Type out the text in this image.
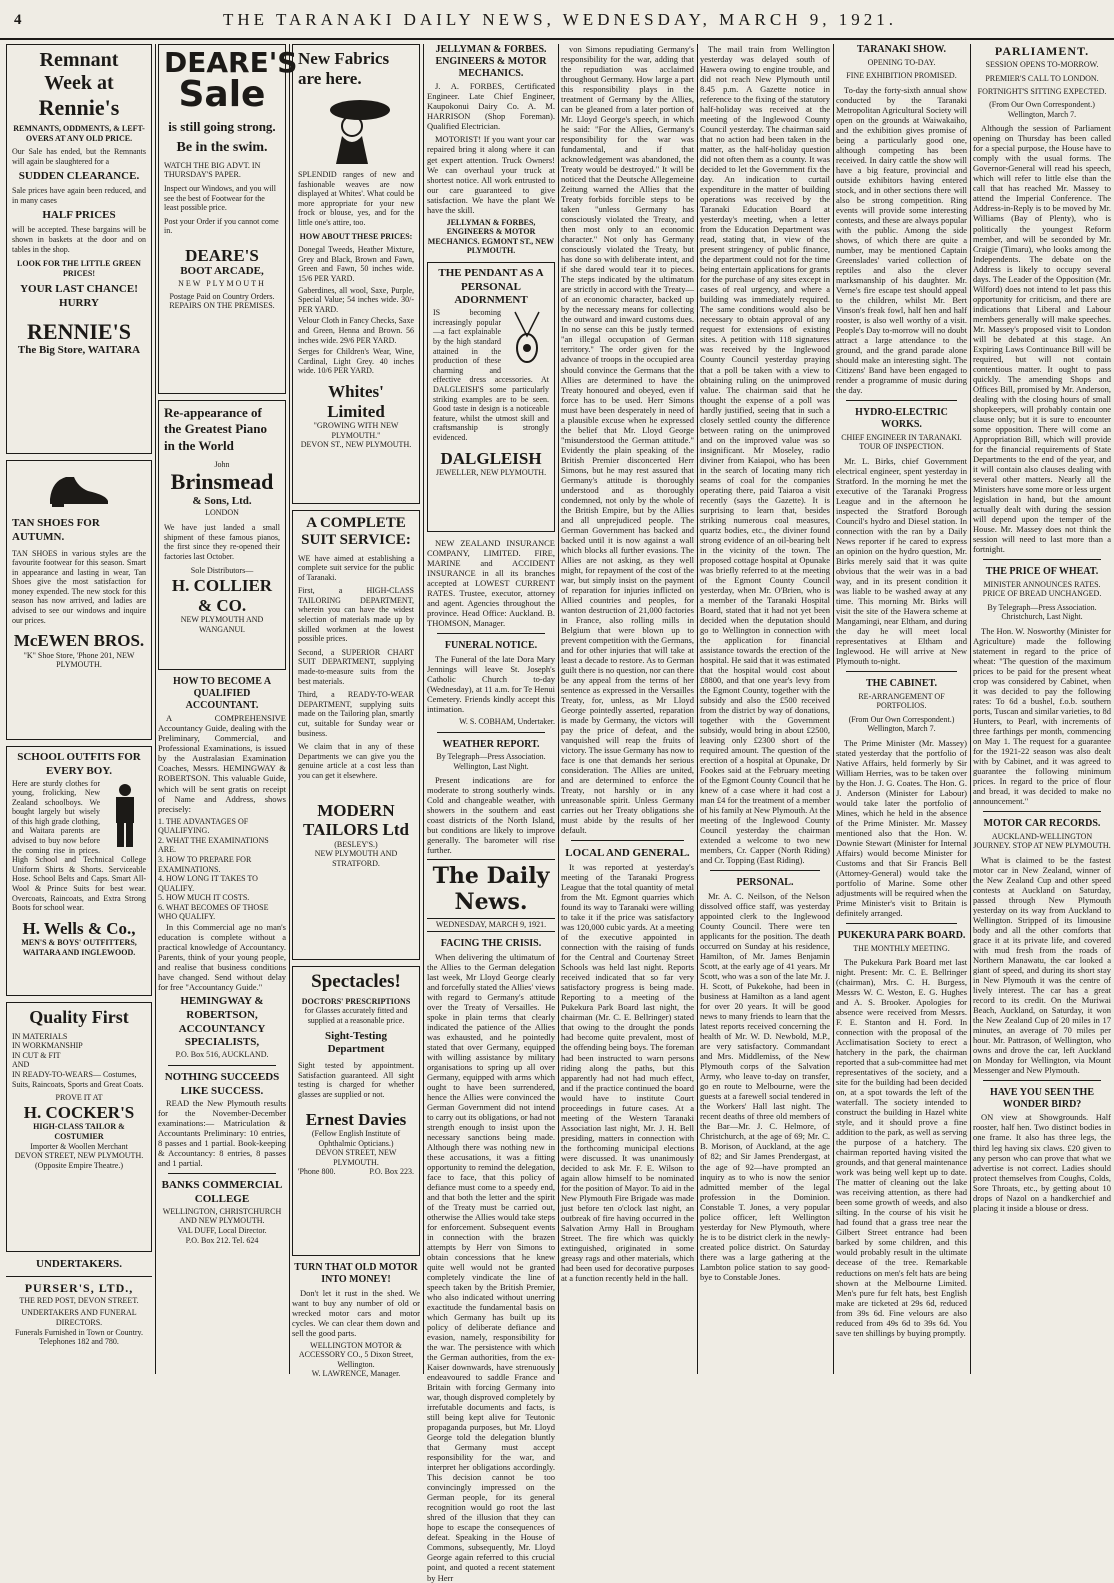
4	THE TARANAKI DAILY NEWS, WEDNESDAY, MARCH 9, 1921.
Remnant
Week at
Rennie's
REMNANTS, ODDMENTS, & LEFT-OVERS AT ANY OLD PRICE.
Our Sale has ended, but the Remnants will again be slaughtered for a
SUDDEN CLEARANCE.
Sale prices have again been reduced, and in many cases
HALF PRICES
will be accepted. These bargains will be shown in baskets at the door and on tables in the shop.
LOOK FOR THE LITTLE GREEN PRICES!
YOUR LAST CHANCE! HURRY
RENNIE'S
The Big Store, WAITARA
TAN SHOES FOR AUTUMN.
TAN SHOES in various styles are the favourite footwear for this season. Smart in appearance and lasting in wear, Tan Shoes give the most satisfaction for money expended. The new stock for this season has now arrived, and ladies are advised to see our windows and inquire our prices.
McEWEN BROS.
"K" Shoe Store, 'Phone 201, NEW PLYMOUTH.
SCHOOL OUTFITS FOR EVERY BOY.
Here are sturdy clothes for young, frolicking, New Zealand schoolboys. We bought largely but wisely of this high grade clothing, and Waitara parents are advised to buy now before the coming rise in prices. High School and Technical College Uniform Shirts & Shorts. Serviceable Hose. School Belts and Caps. Smart All-Wool & Prince Suits for best wear. Overcoats, Raincoats, and Extra Strong Boots for school wear.
H. Wells & Co.,
MEN'S & BOYS' OUTFITTERS, WAITARA AND INGLEWOOD.
Quality First
IN MATERIALS
IN WORKMANSHIP
IN CUT & FIT
AND
IN READY-TO-WEARS— Costumes, Suits, Raincoats, Sports and Great Coats.
PROVE IT AT
H. COCKER'S
HIGH-CLASS TAILOR & COSTUMIER
Importer & Woollen Merchant
DEVON STREET, NEW PLYMOUTH. (Opposite Empire Theatre.)
UNDERTAKERS.
PURSER'S, LTD.,
THE RED POST, DEVON STREET.
UNDERTAKERS AND FUNERAL DIRECTORS.
Funerals Furnished in Town or Country. Telephones 182 and 780.
DEARE'S
Sale
is still going strong.
Be in the swim.
WATCH THE BIG ADVT. IN THURSDAY'S PAPER.
Inspect our Windows, and you will see the best of Footwear for the least possible price.
Post your Order if you cannot come in.
DEARE'S
BOOT ARCADE,
NEW PLYMOUTH
Postage Paid on Country Orders. REPAIRS ON THE PREMISES.
Re-appearance of the Greatest Piano in the World
John
Brinsmead
& Sons, Ltd.
LONDON
We have just landed a small shipment of these famous pianos, the first since they re-opened their factories last October.
Sole Distributors—
H. COLLIER & CO.
NEW PLYMOUTH AND WANGANUI.
HOW TO BECOME A QUALIFIED ACCOUNTANT.

A COMPREHENSIVE Accountancy Guide, dealing with the Preliminary, Commercial, and Professional Examinations, is issued by the Australasian Examination Coaches, Messrs. HEMINGWAY & ROBERTSON. This valuable Guide, which will be sent gratis on receipt of Name and Address, shows precisely:

1. THE ADVANTAGES OF QUALIFYING.
2. WHAT THE EXAMINATIONS ARE.
3. HOW TO PREPARE FOR EXAMINATIONS.
4. HOW LONG IT TAKES TO QUALIFY.
5. HOW MUCH IT COSTS.
6. WHAT BECOMES OF THOSE WHO QUALIFY.

In this Commercial age no man's education is complete without a practical knowledge of Accountancy. Parents, think of your young people, and realise that business conditions have changed. Send without delay for free "Accountancy Guide."

HEMINGWAY & ROBERTSON, ACCOUNTANCY SPECIALISTS,
P.O. Box 516, AUCKLAND.
NOTHING SUCCEEDS LIKE SUCCESS.

READ the New Plymouth results for the November-December examinations:— Matriculation & Accountants Preliminary: 10 entries, 8 passes and 1 partial. Book-keeping & Accountancy: 8 entries, 8 passes and 1 partial.

BANKS COMMERCIAL COLLEGE
WELLINGTON, CHRISTCHURCH AND NEW PLYMOUTH.
VAL DUFF, Local Director.
P.O. Box 212. Tel. 624
New Fabrics are here.
SPLENDID ranges of new and fashionable weaves are now displayed at Whites'. What could be more appropriate for your new frock or blouse, yes, and for the little one's attire, too.
HOW ABOUT THESE PRICES:
Donegal Tweeds, Heather Mixture, Grey and Black, Brown and Fawn, Green and Fawn, 50 inches wide. 15/6 PER YARD.
Gaberdines, all wool, Saxe, Purple, Special Value; 54 inches wide. 30/- PER YARD.
Velour Cloth in Fancy Checks, Saxe and Green, Henna and Brown. 56 inches wide. 29/6 PER YARD.
Serges for Children's Wear, Wine, Cardinal, Light Grey. 40 inches wide. 10/6 PER YARD.
Whites' Limited
"GROWING WITH NEW PLYMOUTH."
DEVON ST., NEW PLYMOUTH.
A COMPLETE SUIT SERVICE:
WE have aimed at establishing a complete suit service for the public of Taranaki.
First, a HIGH-CLASS TAILORING DEPARTMENT, wherein you can have the widest selection of materials made up by skilled workmen at the lowest possible prices.
Second, a SUPERIOR CHART SUIT DEPARTMENT, supplying made-to-measure suits from the best materials.
Third, a READY-TO-WEAR DEPARTMENT, supplying suits made on the Tailoring plan, smartly cut, suitable for Sunday wear or business.
We claim that in any of these Departments we can give you the genuine article at a cost less than you can get it elsewhere.
MODERN TAILORS Ltd
(BESLEY'S.)
NEW PLYMOUTH AND STRATFORD.
Spectacles!
DOCTORS' PRESCRIPTIONS
for Glasses accurately fitted and supplied at a reasonable price.
Sight-Testing Department
Sight tested by appointment. Satisfaction guaranteed. All sight testing is charged for whether glasses are supplied or not.
Ernest Davies
(Fellow English Institute of Ophthalmic Opticians.)
DEVON STREET, NEW PLYMOUTH.
'Phone 800.	P.O. Box 223.
TURN THAT OLD MOTOR INTO MONEY!

Don't let it rust in the shed. We want to buy any number of old or wrecked motor cars and motor cycles. We can clear them down and sell the good parts.

WELLINGTON MOTOR & ACCESSORY CO., 5 Dixon Street, Wellington.
W. LAWRENCE, Manager.
JELLYMAN & FORBES. ENGINEERS & MOTOR MECHANICS.

J. A. FORBES, Certificated Engineer. Late Chief Engineer, Kaupokonui Dairy Co. A. M. HARRISON (Shop Foreman). Qualified Electrician.

MOTORIST! If you want your car repaired bring it along where it can get expert attention. Truck Owners! We can overhaul your truck at shortest notice. All work entrusted to our care guaranteed to give satisfaction. We have the plant We have the skill.

JELLYMAN & FORBES, ENGINEERS & MOTOR MECHANICS. EGMONT ST., NEW PLYMOUTH.
THE PENDANT AS A PERSONAL ADORNMENT
IS becoming increasingly popular —a fact explainable by the high standard attained in the production of these charming and effective dress accessories. At DALGLEISH'S some particularly striking examples are to be seen. Good taste in design is a noticeable feature, whilst the utmost skill and craftsmanship is strongly evidenced.
DALGLEISH
JEWELLER, NEW PLYMOUTH.

NEW ZEALAND INSURANCE COMPANY, LIMITED. FIRE, MARINE and ACCIDENT INSURANCE in all its branches accepted at LOWEST CURRENT RATES. Trustee, executor, attorney and agent. Agencies throughout the province. Head Office: Auckland. B. THOMSON, Manager.

FUNERAL NOTICE.

The Funeral of the late Dora Mary Jennings will leave St. Joseph's Catholic Church to-day (Wednesday), at 11 a.m. for Te Henui Cemetery. Friends kindly accept this intimation.

W. S. COBHAM, Undertaker.
WEATHER REPORT.
By Telegraph—Press Association. Wellington, Last Night.

Present indications are for moderate to strong southerly winds. Cold and changeable weather, with showers in the southern and east coast districts of the North Island, but conditions are likely to improve generally. The barometer will rise further.

The Daily News.
WEDNESDAY, MARCH 9, 1921.
FACING THE CRISIS.

When delivering the ultimatum of the Allies to the German delegation last week, Mr Lloyd George clearly and forcefully stated the Allies' views with regard to Germany's attitude over the Treaty of Versailles. He spoke in plain terms that clearly indicated the patience of the Allies was exhausted, and he pointedly stated that over Germany, equipped with willing assistance by military organisations to spring up all over Germany, equipped with arms which ought to have been surrendered, hence the Allies were convinced the German Government did not intend to carry out its obligations, or had not strength enough to insist upon the necessary sanctions being made. Although there was nothing new in these accusations, it was a fitting opportunity to remind the delegation, face to face, that this policy of defiance must come to a speedy end, and that both the letter and the spirit of the Treaty must be carried out, otherwise the Allies would take steps for enforcement. Subsequent events in connection with the brazen attempts by Herr von Simons to obtain concessions that he knew quite well would not be granted completely vindicate the line of speech taken by the British Premier, who also indicated without unerring exactitude the fundamental basis on which Germany has built up its policy of deliberate defiance and evasion, namely, responsibility for the war. The persistence with which the German authorities, from the ex-Kaiser downwards, have strenuously endeavoured to saddle France and Britain with forcing Germany into war, though disproved completely by irrefutable documents and facts, is still being kept alive for Teutonic propaganda purposes, but Mr. Lloyd George told the delegation bluntly that Germany must accept responsibility for the war, and interpret her obligations accordingly. This decision cannot be too convincingly impressed on the German people, for its general recognition would go root the last shred of the illusion that they can hope to escape the consequences of defeat. Speaking in the House of Commons, subsequently, Mr. Lloyd George again referred to this crucial point, and quoted a recent statement by Herr

von Simons repudiating Germany's responsibility for the war, adding that the repudiation was acclaimed throughout Germany. How large a part this responsibility plays in the treatment of Germany by the Allies, can be gleaned from a later portion of Mr. Lloyd George's speech, in which he said: "For the Allies, Germany's responsibility for the war was fundamental, and if that acknowledgement was abandoned, the Treaty would be destroyed." It will be noticed that the Deutsche Allegemeine Zeitung warned the Allies that the Treaty forbids forcible steps to be taken "unless Germany has consciously violated the Treaty, and then most only to an economic character." Not only has Germany consciously violated the Treaty, but has done so with deliberate intent, and if she dared would tear it to pieces. The steps indicated by the ultimatum are strictly in accord with the Treaty—of an economic character, backed up by the necessary means for collecting the outward and inward customs dues. In no sense can this be justly termed "an illegal occupation of German territory." The order given for the advance of troops in the occupied area should convince the Germans that the Allies are determined to have the Treaty honoured and obeyed, even if force has to be used. Herr Simons must have been desperately in need of a plausible excuse when he expressed the belief that Mr. Lloyd George "misunderstood the German attitude." Evidently the plain speaking of the British Premier disconcerted Herr Simons, but he may rest assured that Germany's attitude is thoroughly understood and as thoroughly condemned, not only by the whole of the British Empire, but by the Allies and all unprejudiced people. The German Government has backed and backed until it is now against a wall which blocks all further evasions. The Allies are not asking, as they well might, for repayment of the cost of the war, but simply insist on the payment of reparation for injuries inflicted on Allied countries and peoples, for wanton destruction of 21,000 factories in France, also rolling mills in Belgium that were blown up to prevent competition with the Germans, and for other injuries that will take at least a decade to restore. As to German guilt there is no question, nor can there be any appeal from the terms of her sentence as expressed in the Versailles Treaty, for, unless, as Mr Lloyd George pointedly asserted, reparation is made by Germany, the victors will pay the price of defeat, and the vanquished will reap the fruits of victory. The issue Germany has now to face is one that demands her serious consideration. The Allies are united, and are determined to enforce the Treaty, not harshly or in any unreasonable spirit. Unless Germany carries out her Treaty obligations she must abide by the results of her default.

LOCAL AND GENERAL.

It was reported at yesterday's meeting of the Taranaki Progress League that the total quantity of metal from the Mt. Egmont quarries which found its way to Taranaki were willing to take it if the price was satisfactory was 120,000 cubic yards. At a meeting of the executive appointed in connection with the raising of funds for the Central and Courtenay Street Schools was held last night. Reports received indicated that so far very satisfactory progress is being made. Reporting to a meeting of the Pukekura Park Board last night, the chairman (Mr. C. E. Bellringer) stated that owing to the drought the ponds had become quite prevalent, most of the offending being boys. The foreman had been instructed to warn persons riding along the paths, but this apparently had not had much effect, and if the practice continued the board would have to institute Court proceedings in future cases. At a meeting of the Western Taranaki Association last night, Mr. J. H. Bell presiding, matters in connection with the forthcoming municipal elections were discussed. It was unanimously decided to ask Mr. F. E. Wilson to again allow himself to be nominated for the position of Mayor. To aid in the New Plymouth Fire Brigade was made just before ten o'clock last night, an outbreak of fire having occurred in the Salvation Army Hall in Brougham Street. The fire which was quickly extinguished, originated in some greasy rags and other materials, which had been used for decorative purposes at a function recently held in the hall.

The mail train from Wellington yesterday was delayed south of Hawera owing to engine trouble, and did not reach New Plymouth until 8.45 p.m. A Gazette notice in reference to the fixing of the statutory half-holiday was received at the meeting of the Inglewood County Council yesterday. The chairman said that no action had been taken in the matter, as the half-holiday question did not often them as a county. It was decided to let the Government fix the day. An indication to curtail expenditure in the matter of building operations was received by the Taranaki Education Board at yesterday's meeting, when a letter from the Education Department was read, stating that, in view of the present stringency of public finance, the department could not for the time being entertain applications for grants for the purchase of any sites except in cases of real urgency, and where a building was immediately required. The same conditions would also be necessary to obtain approval of any request for extensions of existing sites. A petition with 118 signatures was received by the Inglewood County Council yesterday praying that a poll be taken with a view to obtaining ruling on the unimproved value. The chairman said that he thought the expense of a poll was hardly justified, seeing that in such a closely settled county the difference between rating on the unimproved and on the improved value was so insignificant. Mr Moseley, radio diviner from Kaiapoi, who has been in the search of locating many rich seams of coal for the companies operating there, paid Taiaroa a visit recently (says the Gazette). It is surprising to learn that, besides striking numerous coal measures, quartz bodies, etc., the diviner found strong evidence of an oil-bearing belt in the vicinity of the town. The proposed cottage hospital at Opunake was briefly referred to at the meeting of the Egmont County Council yesterday, when Mr. O'Brien, who is a member of the Taranaki Hospital Board, stated that it had not yet been decided when the deputation should go to Wellington in connection with the application for financial assistance towards the erection of the hospital. He said that it was estimated that the hospital would cost about £8800, and that one year's levy from the Egmont County, together with the subsidy and also the £500 received from the district by way of donations, together with the Government subsidy, would bring in about £2500, leaving only £2300 short of the required amount. The question of the erection of a hospital at Opunake, Dr Fookes said at the February meeting of the Egmont County Council that he knew of a case where it had cost a man £4 for the treatment of a member of his family at New Plymouth. At the meeting of the Inglewood County Council yesterday the chairman extended a welcome to two new members, Cr. Capper (North Riding) and Cr. Topping (East Riding).

PERSONAL.

Mr. A. C. Neilson, of the Nelson dissolved office staff, was yesterday appointed clerk to the Inglewood County Council. There were ten applicants for the position. The death occurred on Sunday at his residence, Hamilton, of Mr. James Benjamin Scott, at the early age of 41 years. Mr Scott, who was a son of the late Mr. J. H. Scott, of Pukekohe, had been in business at Hamilton as a land agent for over 20 years. It will be good news to many friends to learn that the latest reports received concerning the health of Mr. W. D. Newbold, M.P., are very satisfactory. Commandant and Mrs. Middlemiss, of the New Plymouth corps of the Salvation Army, who leave to-day on transfer, go en route to Melbourne, were the guests at a farewell social tendered in the Workers' Hall last night. The recent deaths of three old members of the Bar—Mr. J. C. Helmore, of Christchurch, at the age of 69; Mr. C. B. Morison, of Auckland, at the age of 82; and Sir James Prendergast, at the age of 92—have prompted an inquiry as to who is now the senior admitted member of the legal profession in the Dominion. Constable T. Jones, a very popular police officer, left Wellington yesterday for New Plymouth, where he is to be district clerk in the newly-created police district. On Saturday there was a large gathering at the Lambton police station to say good-bye to Constable Jones.

TARANAKI SHOW.
OPENING TO-DAY.
FINE EXHIBITION PROMISED.

To-day the forty-sixth annual show conducted by the Taranaki Metropolitan Agricultural Society will open on the grounds at Waiwakaiho, and the exhibition gives promise of being a particularly good one, although competing has been received. In dairy cattle the show will have a big feature, provincial and outside exhibitors having entered stock, and in other sections there will also be strong competition. Ring events will provide some interesting contests, and these are always popular with the public. Among the side shows, of which there are quite a number, may be mentioned Captain Greenslades' varied collection of reptiles and also the clever marksmanship of his daughter. Mr. Verne's fire escape test should appeal to the children, whilst Mr. Bert Vinson's freak fowl, half hen and half rooster, is also well worthy of a visit. People's Day to-morrow will no doubt attract a large attendance to the ground, and the grand parade alone should make an interesting sight. The Citizens' Band have been engaged to render a programme of music during the day.

HYDRO-ELECTRIC WORKS.
CHIEF ENGINEER IN TARANAKI. TOUR OF INSPECTION.

Mr. L. Birks, chief Government electrical engineer, spent yesterday in Stratford. In the morning he met the executive of the Taranaki Progress League and in the afternoon he inspected the Stratford Borough Council's hydro and Diesel station. In connection with the ran by a Daily News reporter if he cared to express an opinion on the hydro question, Mr. Birks merely said that it was quite obvious that the weir was in a bad way, and in its present condition it was liable to be washed away at any time. This morning Mr. Birks will visit the site of the Hawera scheme at Mangamingi, near Eltham, and during the day he will meet local representatives at Eltham and Inglewood. He will arrive at New Plymouth to-night.

THE CABINET.
RE-ARRANGEMENT OF PORTFOLIOS.
(From Our Own Correspondent.) Wellington, March 7.

The Prime Minister (Mr. Massey) stated yesterday that the portfolio of Native Affairs, held formerly by Sir William Herries, was to be taken over by the Hon. J. G. Coates. The Hon. G. J. Anderson (Minister for Labour) would take later the portfolio of Mines, which he held in the absence of the Prime Minister. Mr. Massey mentioned also that the Hon. W. Downie Stewart (Minister for Internal Affairs) would become Minister for Customs and that Sir Francis Bell (Attorney-General) would take the portfolio of Marine. Some other adjustments will be required when the Prime Minister's visit to Britain is definitely arranged.

PUKEKURA PARK BOARD.
THE MONTHLY MEETING.

The Pukekura Park Board met last night. Present: Mr. C. E. Bellringer (chairman), Mrs. C. H. Burgess, Messrs W. C. Weston, E. G. Hughes and A. S. Brooker. Apologies for absence were received from Messrs. F. E. Stanton and H. Ford. In connection with the proposal of the Acclimatisation Society to erect a hatchery in the park, the chairman reported that a sub-committee had met representatives of the society, and a site for the building had been decided on, at a spot towards the left of the waterfall. The society intended to construct the building in Hazel white style, and it should prove a fine addition to the park, as well as serving the purpose of a hatchery. The chairman reported having visited the grounds, and that general maintenance work was being well kept up to date. The matter of cleaning out the lake was receiving attention, as there had been some growth of weeds, and also silting. In the course of his visit he had found that a grass tree near the Gilbert Street entrance had been barked by some children, and this would probably result in the ultimate decease of the tree. Remarkable reductions on men's felt hats are being shown at the Melbourne Limited. Men's pure fur felt hats, best English make are ticketed at 29s 6d, reduced from 39s 6d. Fine velours are also reduced from 49s 6d to 39s 6d. You save ten shillings by buying promptly.

PARLIAMENT.
SESSION OPENS TO-MORROW.
PREMIER'S CALL TO LONDON.
FORTNIGHT'S SITTING EXPECTED.
(From Our Own Correspondent.) Wellington, March 7.

Although the session of Parliament opening on Thursday has been called for a special purpose, the House have to comply with the usual forms. The Governor-General will read his speech, which will refer to little else than the call that has reached Mr. Massey to attend the Imperial Conference. The Address-in-Reply is to be moved by Mr. Williams (Bay of Plenty), who is politically the youngest Reform member, and will be seconded by Mr. Craigie (Timaru), who looks among the Independents. The debate on the Address is likely to occupy several days. The Leader of the Opposition (Mr. Wilford) does not intend to let pass this opportunity for criticism, and there are indications that Liberal and Labour members generally will make speeches. Mr. Massey's proposed visit to London will be debated at this stage. An Expiring Laws Continuance Bill will be required, but will not contain contentious matter. It ought to pass quickly. The amending Shops and Offices Bill, promised by Mr. Anderson, dealing with the closing hours of small shopkeepers, will probably contain one clause only; but it is sure to encounter some opposition. There will come an Appropriation Bill, which will provide for the financial requirements of State Departments to the end of the year, and it will contain also clauses dealing with several other matters. Nearly all the Ministers have some more or less urgent legislation in hand, but the amount actually dealt with during the session will depend upon the temper of the House. Mr. Massey does not think the session will need to last more than a fortnight.

THE PRICE OF WHEAT.
MINISTER ANNOUNCES RATES. PRICE OF BREAD UNCHANGED.
By Telegraph—Press Association. Christchurch, Last Night.

The Hon. W. Nosworthy (Minister for Agriculture) made the following statement in regard to the price of wheat: "The question of the maximum prices to be paid for the present wheat crop was considered by Cabinet, when it was decided to pay the following rates: To 6d a bushel, f.o.b. southern ports, Tuscan and similar varieties, to 8d Hunters, to Pearl, with increments of three farthings per month, commencing on May 1. The request for a guarantee for the 1921-22 season was also dealt with by Cabinet, and it was agreed to guarantee the following minimum prices. In regard to the price of flour and bread, it was decided to make no announcement."

MOTOR CAR RECORDS.
AUCKLAND-WELLINGTON JOURNEY. STOP AT NEW PLYMOUTH.

What is claimed to be the fastest motor car in New Zealand, winner of the New Zealand Cup and other speed contests at Auckland on Saturday, passed through New Plymouth yesterday on its way from Auckland to Wellington. Stripped of its limousine body and all the other comforts that grace it at its private life, and covered with mud fresh from the roads of Northern Manawatu, the car looked a giant of speed, and during its short stay in New Plymouth it was the centre of lively interest. The car has a great record to its credit. On the Muriwai Beach, Auckland, on Saturday, it won the New Zealand Cup of 20 miles in 17 minutes, an average of 70 miles per hour. Mr. Pattrason, of Wellington, who owns and drove the car, left Auckland on Monday for Wellington, via Mount Messenger and New Plymouth.

HAVE YOU SEEN THE WONDER BIRD?

ON view at Showgrounds. Half rooster, half hen. Two distinct bodies in one frame. It also has three legs, the third leg having six claws. £20 given to any person who can prove that what we advertise is not correct. Ladies should protect themselves from Coughs, Colds, Sore Throats, etc., by getting about 10 drops of Nazol on a handkerchief and placing it inside a blouse or dress.
